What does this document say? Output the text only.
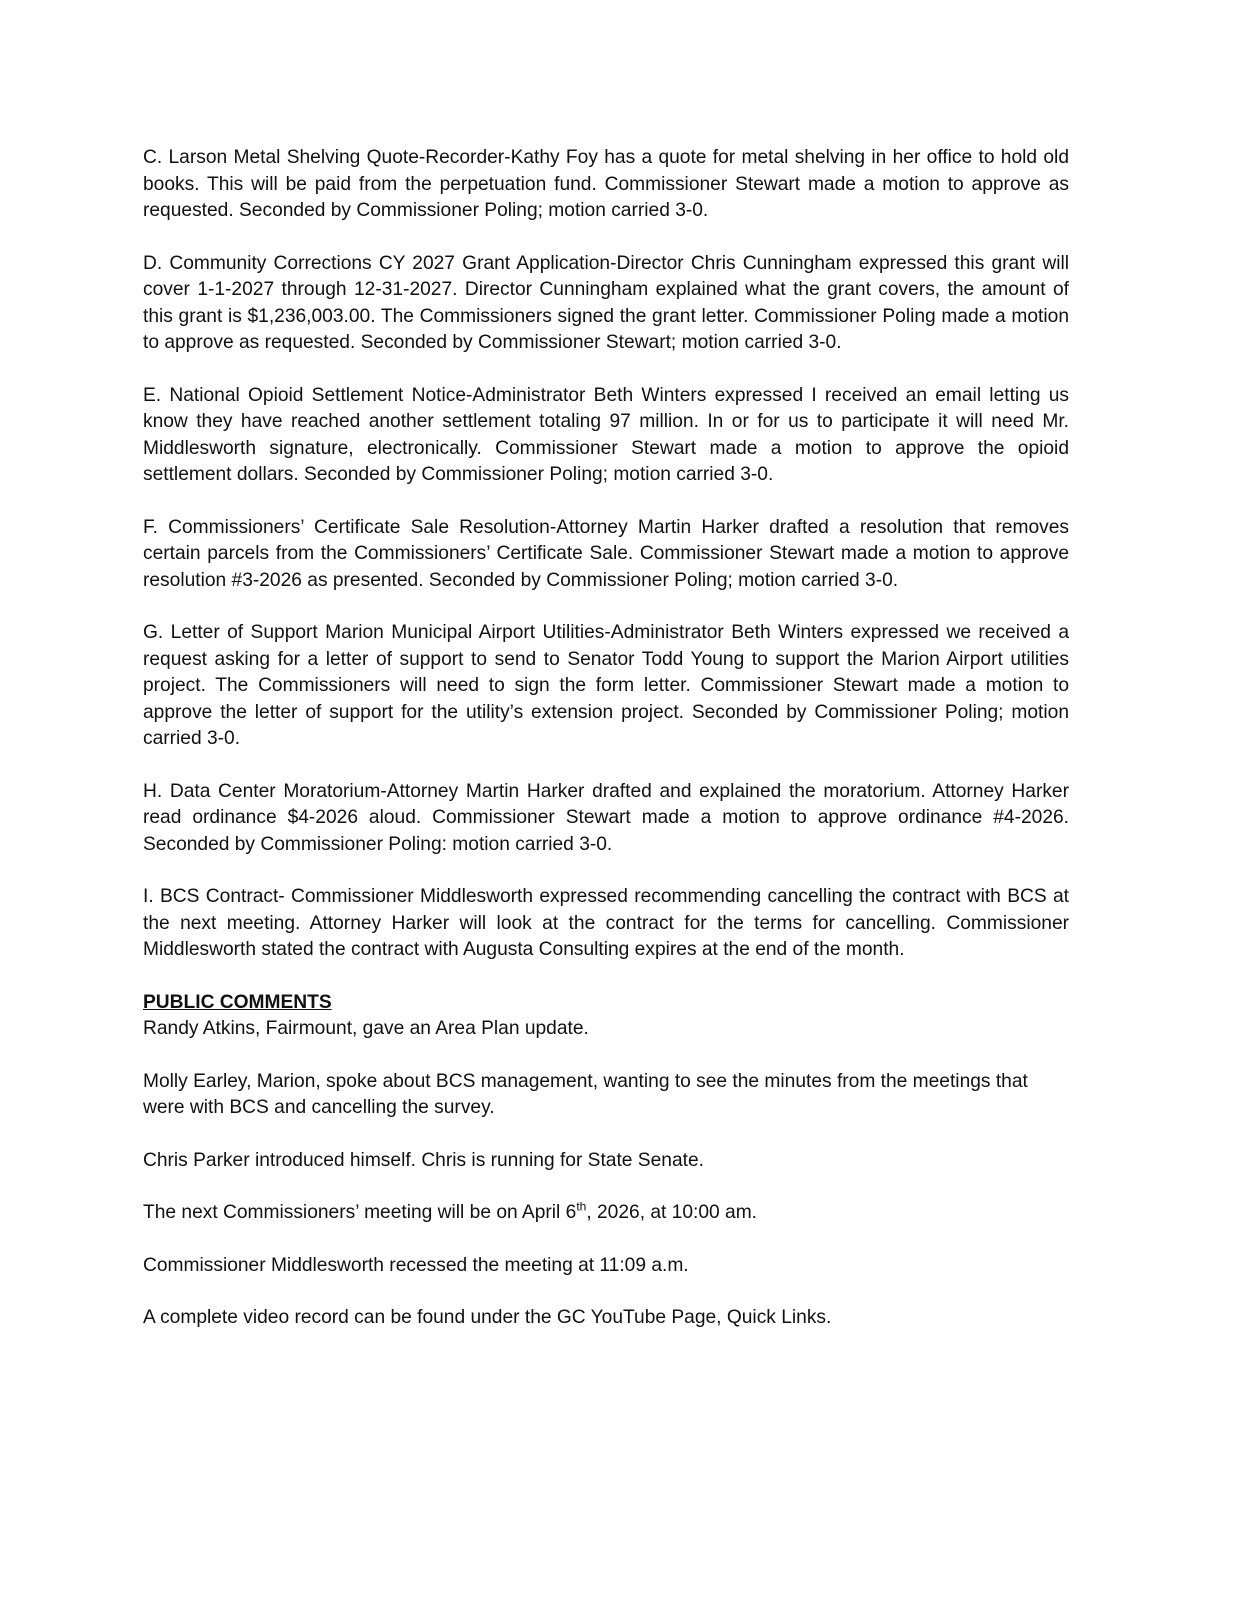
C. Larson Metal Shelving Quote-Recorder-Kathy Foy has a quote for metal shelving in her office to hold old books. This will be paid from the perpetuation fund. Commissioner Stewart made a motion to approve as requested. Seconded by Commissioner Poling; motion carried 3-0.

D. Community Corrections CY 2027 Grant Application-Director Chris Cunningham expressed this grant will cover 1-1-2027 through 12-31-2027. Director Cunningham explained what the grant covers, the amount of this grant is $1,236,003.00. The Commissioners signed the grant letter. Commissioner Poling made a motion to approve as requested. Seconded by Commissioner Stewart; motion carried 3-0.

E. National Opioid Settlement Notice-Administrator Beth Winters expressed I received an email letting us know they have reached another settlement totaling 97 million. In or for us to participate it will need Mr. Middlesworth signature, electronically. Commissioner Stewart made a motion to approve the opioid settlement dollars. Seconded by Commissioner Poling; motion carried 3-0.

F. Commissioners’ Certificate Sale Resolution-Attorney Martin Harker drafted a resolution that removes certain parcels from the Commissioners’ Certificate Sale. Commissioner Stewart made a motion to approve resolution #3-2026 as presented. Seconded by Commissioner Poling; motion carried 3-0.

G. Letter of Support Marion Municipal Airport Utilities-Administrator Beth Winters expressed we received a request asking for a letter of support to send to Senator Todd Young to support the Marion Airport utilities project. The Commissioners will need to sign the form letter. Commissioner Stewart made a motion to approve the letter of support for the utility’s extension project. Seconded by Commissioner Poling; motion carried 3-0.

H. Data Center Moratorium-Attorney Martin Harker drafted and explained the moratorium. Attorney Harker read ordinance $4-2026 aloud. Commissioner Stewart made a motion to approve ordinance #4-2026. Seconded by Commissioner Poling: motion carried 3-0.

I. BCS Contract- Commissioner Middlesworth expressed recommending cancelling the contract with BCS at the next meeting. Attorney Harker will look at the contract for the terms for cancelling. Commissioner Middlesworth stated the contract with Augusta Consulting expires at the end of the month.

PUBLIC COMMENTS

Randy Atkins, Fairmount, gave an Area Plan update.

Molly Earley, Marion, spoke about BCS management, wanting to see the minutes from the meetings that were with BCS and cancelling the survey.

Chris Parker introduced himself. Chris is running for State Senate.

The next Commissioners’ meeting will be on April 6th, 2026, at 10:00 am.

Commissioner Middlesworth recessed the meeting at 11:09 a.m.

A complete video record can be found under the GC YouTube Page, Quick Links.
